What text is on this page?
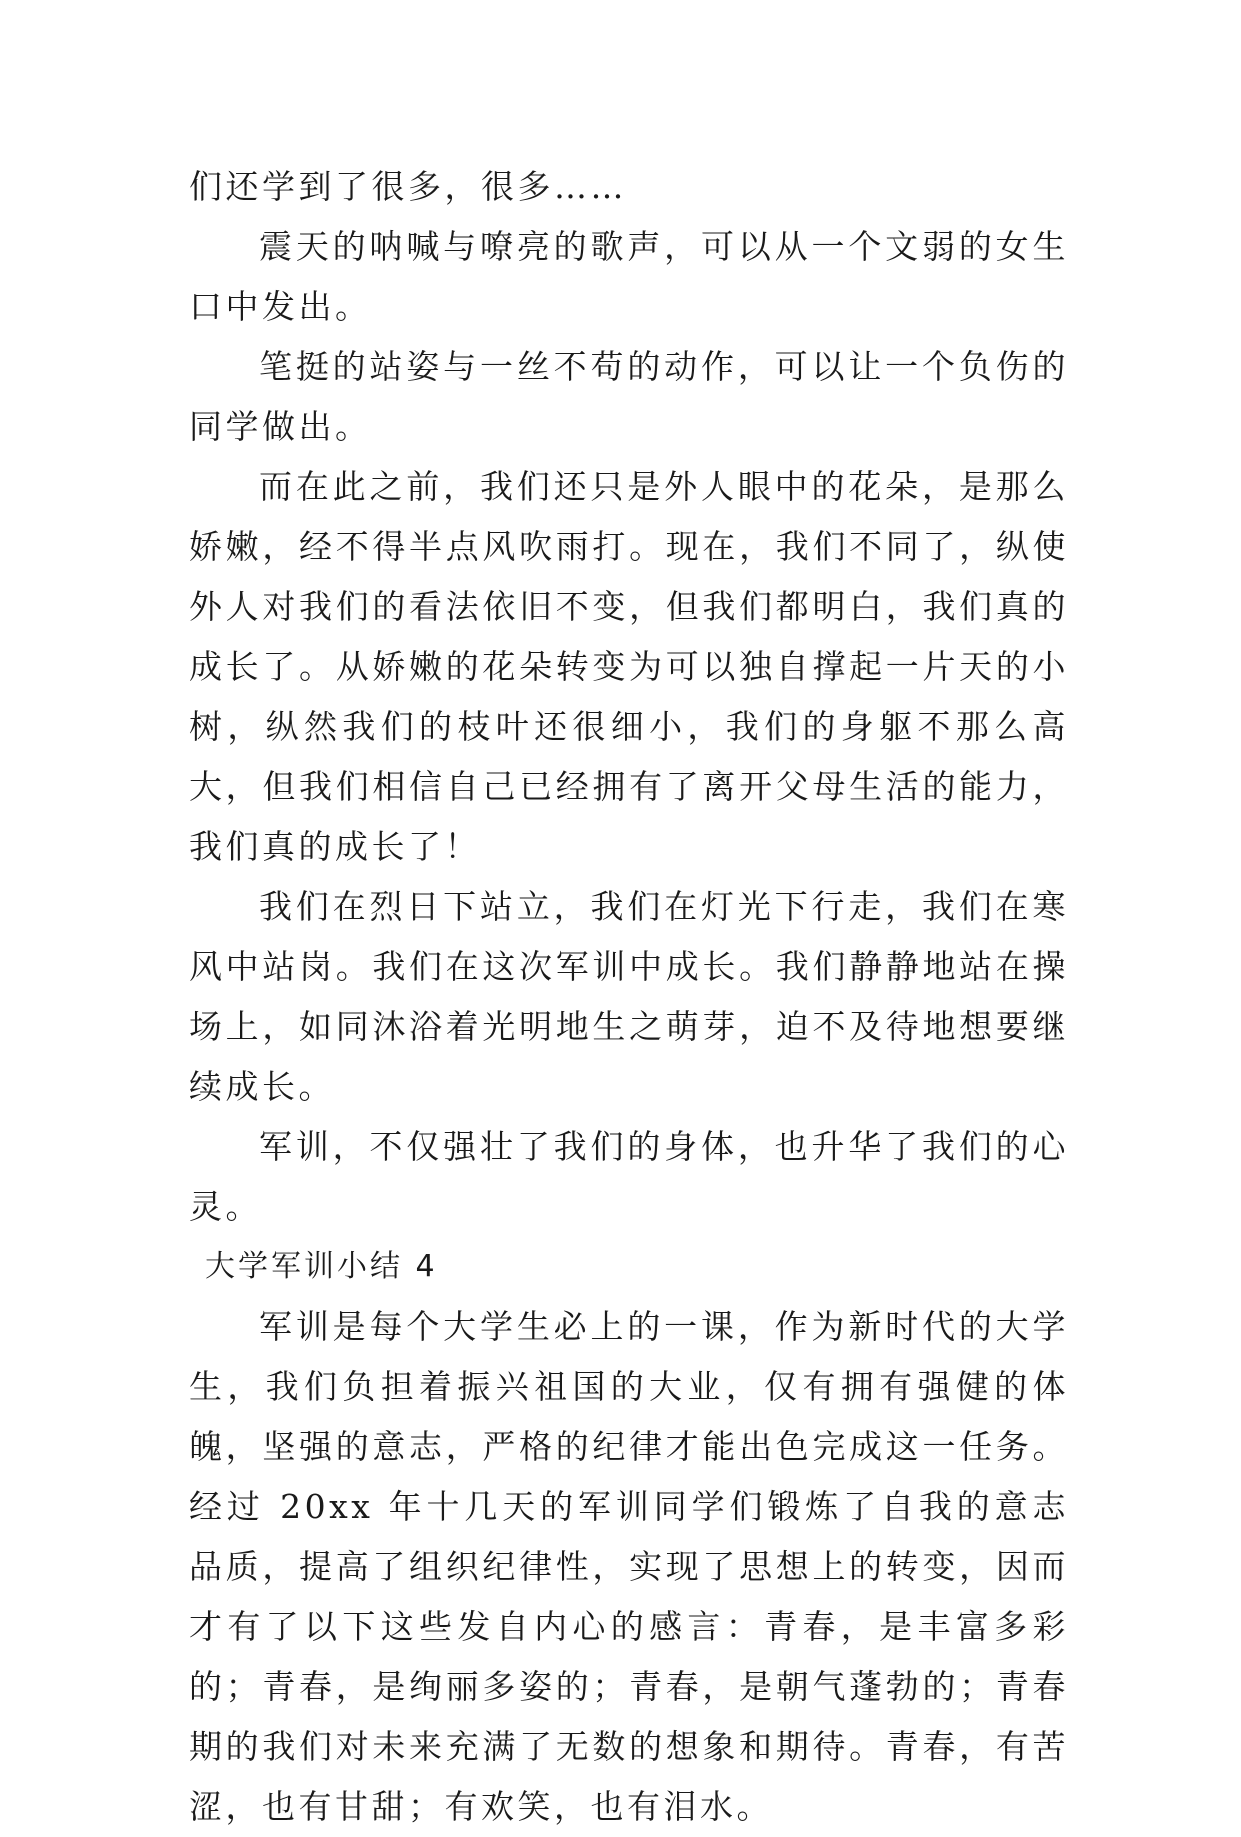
们还学到了很多，很多……

震天的呐喊与嘹亮的歌声，可以从一个文弱的女生口中发出。

笔挺的站姿与一丝不苟的动作，可以让一个负伤的同学做出。

而在此之前，我们还只是外人眼中的花朵，是那么娇嫩，经不得半点风吹雨打。现在，我们不同了，纵使外人对我们的看法依旧不变，但我们都明白，我们真的成长了。从娇嫩的花朵转变为可以独自撑起一片天的小树，纵然我们的枝叶还很细小，我们的身躯不那么高大，但我们相信自己已经拥有了离开父母生活的能力，我们真的成长了！

我们在烈日下站立，我们在灯光下行走，我们在寒风中站岗。我们在这次军训中成长。我们静静地站在操场上，如同沐浴着光明地生之萌芽，迫不及待地想要继续成长。

军训，不仅强壮了我们的身体，也升华了我们的心灵。

大学军训小结 4

军训是每个大学生必上的一课，作为新时代的大学生，我们负担着振兴祖国的大业，仅有拥有强健的体魄，坚强的意志，严格的纪律才能出色完成这一任务。经过 20xx 年十几天的军训同学们锻炼了自我的意志品质，提高了组织纪律性，实现了思想上的转变，因而才有了以下这些发自内心的感言：青春，是丰富多彩的；青春，是绚丽多姿的；青春，是朝气蓬勃的；青春期的我们对未来充满了无数的想象和期待。青春，有苦涩，也有甘甜；有欢笑，也有泪水。
